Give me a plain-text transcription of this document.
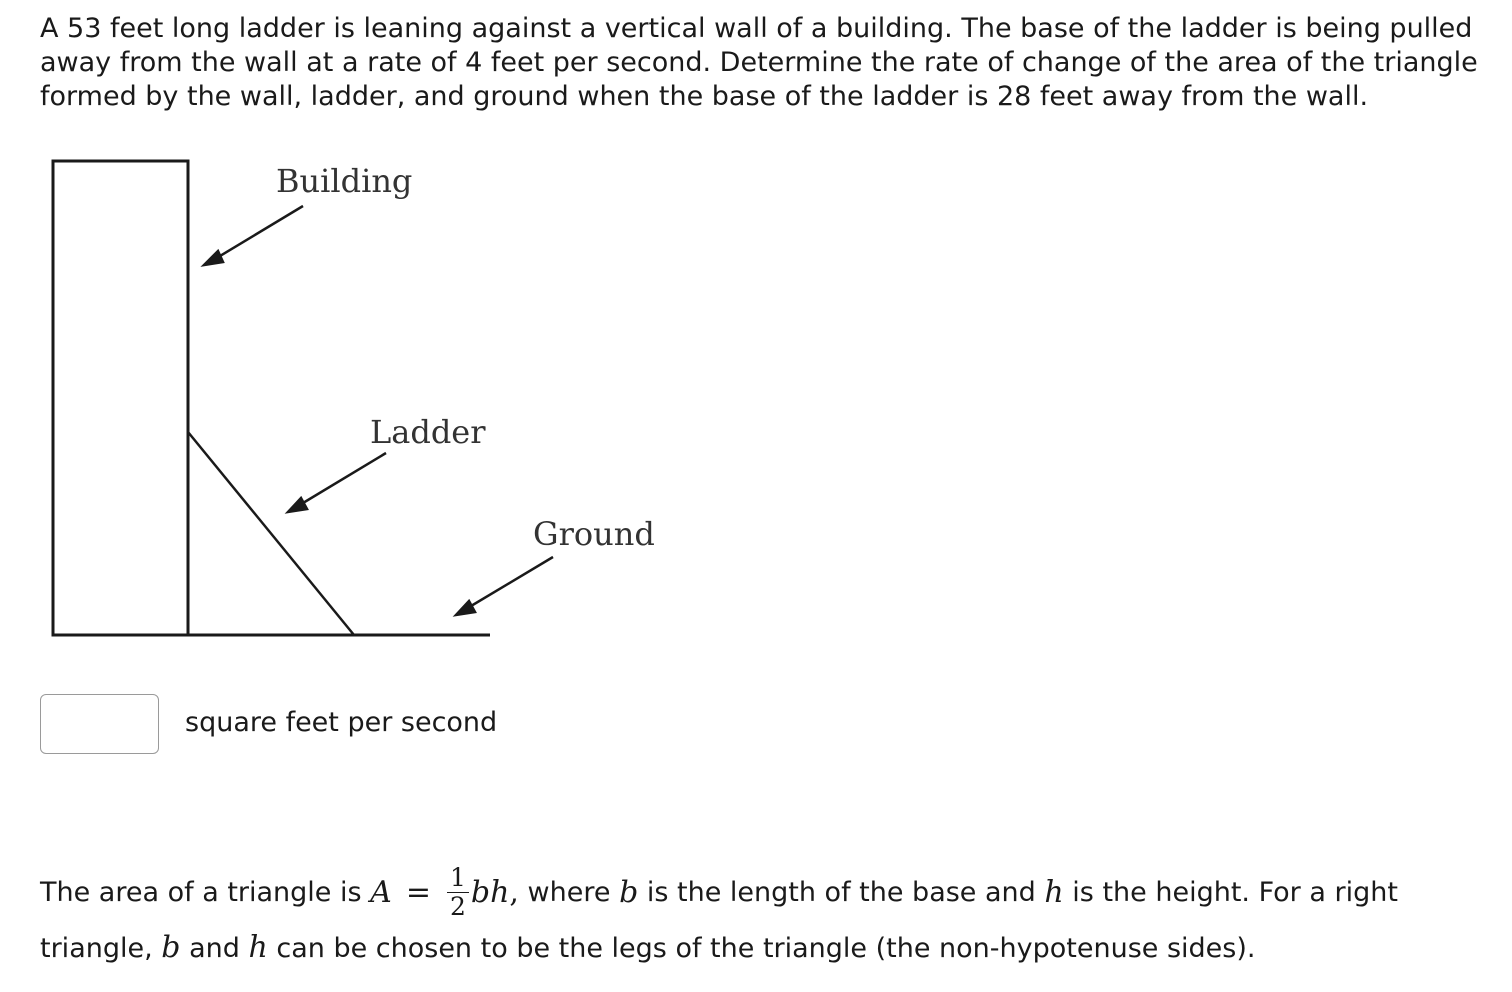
A 53 feet long ladder is leaning against a vertical wall of a building. The base of the ladder is being pulled away from the wall at a rate of 4 feet per second. Determine the rate of change of the area of the triangle formed by the wall, ladder, and ground when the base of the ladder is 28 feet away from the wall.

Building
Ladder
Ground
square feet per second
The area of a triangle is
$A = \frac{1}{2}$ bh , where b is the length of the base and h is the height. For a right
triangle, b and h can be chosen to be the legs of the triangle (the non-hypotenuse sides).
